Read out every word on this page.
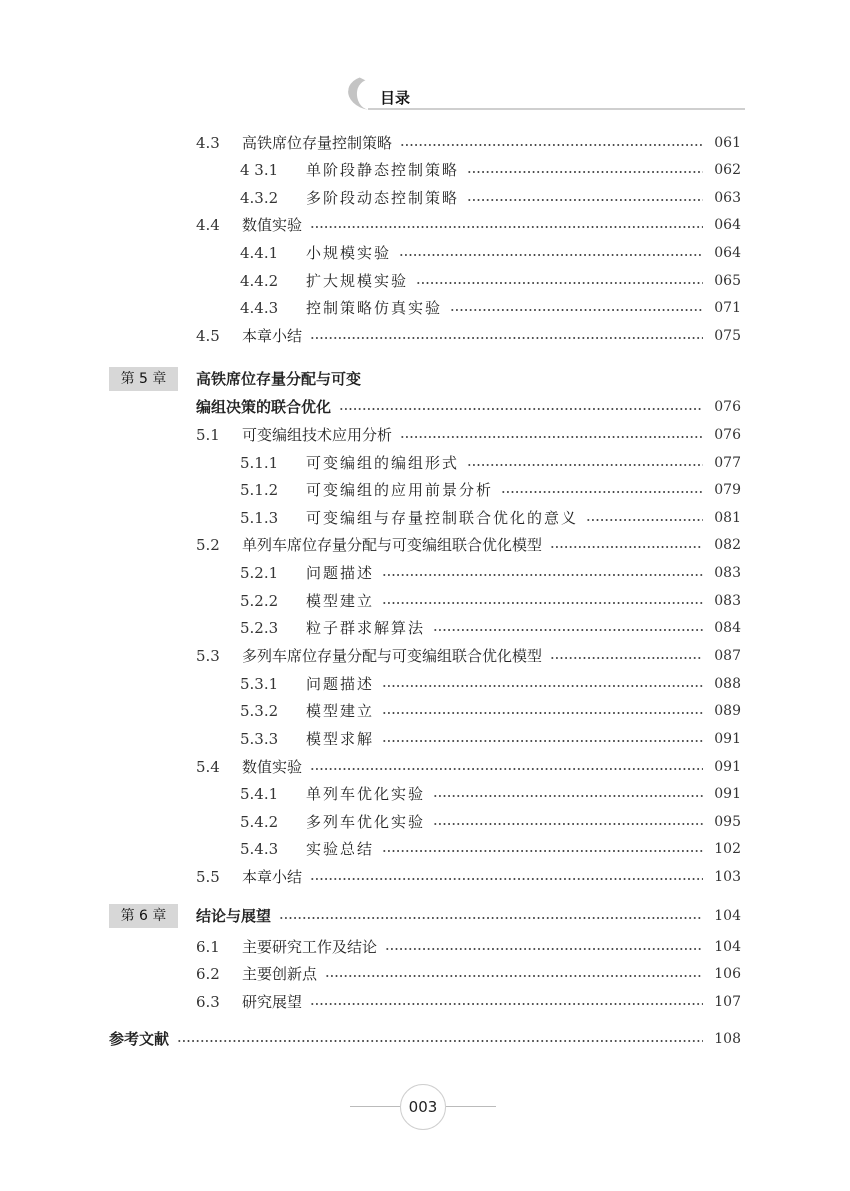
目录
4.3	高铁席位存量控制策略	061
4 3.1	单阶段静态控制策略	062
4.3.2	多阶段动态控制策略	063
4.4	数值实验	064
4.4.1	小规模实验	064
4.4.2	扩大规模实验	065
4.4.3	控制策略仿真实验	071
4.5	本章小结	075
第 5 章	高铁席位存量分配与可变
编组决策的联合优化	076
5.1	可变编组技术应用分析	076
5.1.1	可变编组的编组形式	077
5.1.2	可变编组的应用前景分析	079
5.1.3	可变编组与存量控制联合优化的意义	081
5.2	单列车席位存量分配与可变编组联合优化模型	082
5.2.1	问题描述	083
5.2.2	模型建立	083
5.2.3	粒子群求解算法	084
5.3	多列车席位存量分配与可变编组联合优化模型	087
5.3.1	问题描述	088
5.3.2	模型建立	089
5.3.3	模型求解	091
5.4	数值实验	091
5.4.1	单列车优化实验	091
5.4.2	多列车优化实验	095
5.4.3	实验总结	102
5.5	本章小结	103
第 6 章	结论与展望	104
6.1	主要研究工作及结论	104
6.2	主要创新点	106
6.3	研究展望	107
参考文献	108
003
